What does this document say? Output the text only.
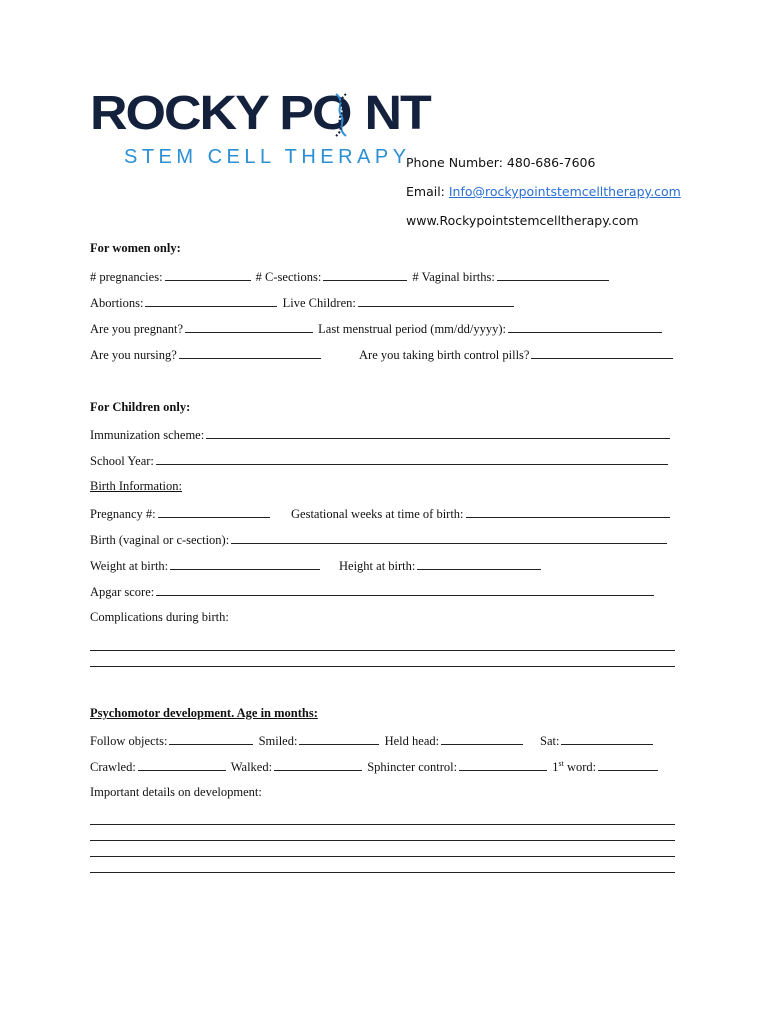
ROCKY PO NT
STEM CELL THERAPY
Phone Number: 480-686-7606
Email: Info@rockypointstemcelltherapy.com
www.Rockypointstemcelltherapy.com
For women only:
# pregnancies:	# C-sections:	# Vaginal births:
Abortions:	Live Children:
Are you pregnant?	Last menstrual period (mm/dd/yyyy):
Are you nursing?	Are you taking birth control pills?
For Children only:
Immunization scheme:
School Year:
Birth Information:
Pregnancy #:	Gestational weeks at time of birth:
Birth (vaginal or c-section):
Weight at birth:	Height at birth:
Apgar score:
Complications during birth:
Psychomotor development. Age in months:
Follow objects:	Smiled:	Held head:	Sat:
Crawled:	Walked:	Sphincter control:	1st word:
Important details on development:
